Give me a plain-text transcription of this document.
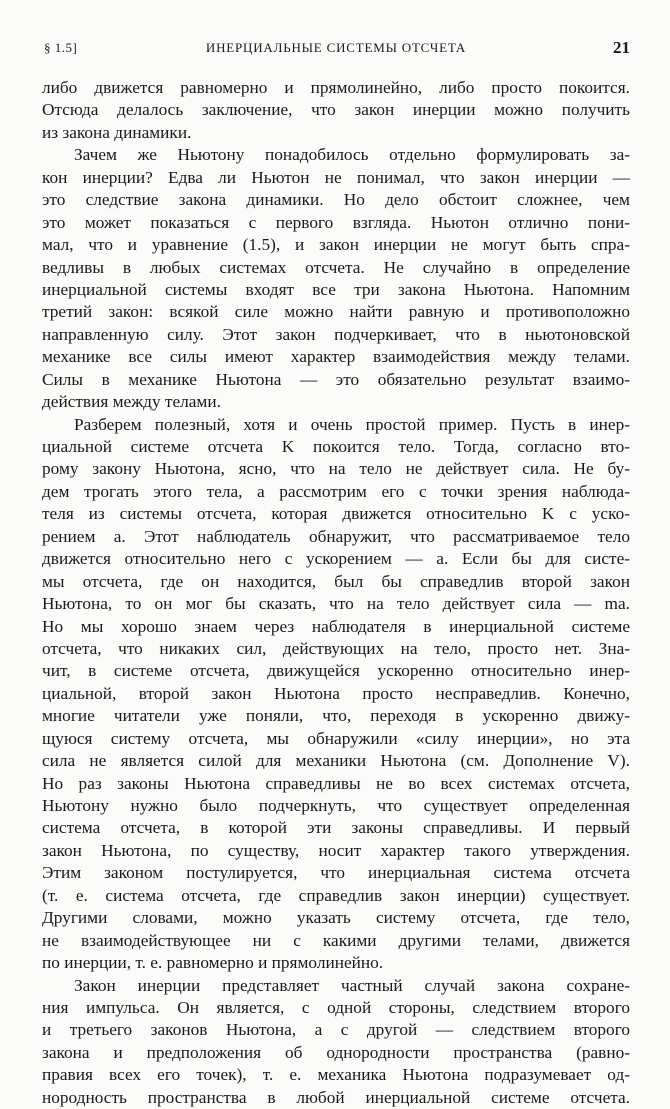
§ 1.5]	ИНЕРЦИАЛЬНЫЕ СИСТЕМЫ ОТСЧЕТА	21
либо движется равномерно и прямолинейно, либо просто покоится.
Отсюда делалось заключение, что закон инерции можно получить
из закона динамики.
Зачем же Ньютону понадобилось отдельно формулировать за-
кон инерции? Едва ли Ньютон не понимал, что закон инерции —
это следствие закона динамики. Но дело обстоит сложнее, чем
это может показаться с первого взгляда. Ньютон отлично пони-
мал, что и уравнение (1.5), и закон инерции не могут быть спра-
ведливы в любых системах отсчета. Не случайно в определение
инерциальной системы входят все три закона Ньютона. Напомним
третий закон: всякой силе можно найти равную и противоположно
направленную силу. Этот закон подчеркивает, что в ньютоновской
механике все силы имеют характер взаимодействия между телами.
Силы в механике Ньютона — это обязательно результат взаимо-
действия между телами.
Разберем полезный, хотя и очень простой пример. Пусть в инер-
циальной системе отсчета K покоится тело. Тогда, согласно вто-
рому закону Ньютона, ясно, что на тело не действует сила. Не бу-
дем трогать этого тела, а рассмотрим его с точки зрения наблюда-
теля из системы отсчета, которая движется относительно K с уско-
рением a. Этот наблюдатель обнаружит, что рассматриваемое тело
движется относительно него с ускорением — a. Если бы для систе-
мы отсчета, где он находится, был бы справедлив второй закон
Ньютона, то он мог бы сказать, что на тело действует сила — ma.
Но мы хорошо знаем через наблюдателя в инерциальной системе
отсчета, что никаких сил, действующих на тело, просто нет. Зна-
чит, в системе отсчета, движущейся ускоренно относительно инер-
циальной, второй закон Ньютона просто несправедлив. Конечно,
многие читатели уже поняли, что, переходя в ускоренно движу-
щуюся систему отсчета, мы обнаружили «силу инерции», но эта
сила не является силой для механики Ньютона (см. Дополнение V).
Но раз законы Ньютона справедливы не во всех системах отсчета,
Ньютону нужно было подчеркнуть, что существует определенная
система отсчета, в которой эти законы справедливы. И первый
закон Ньютона, по существу, носит характер такого утверждения.
Этим законом постулируется, что инерциальная система отсчета
(т. е. система отсчета, где справедлив закон инерции) существует.
Другими словами, можно указать систему отсчета, где тело,
не взаимодействующее ни с какими другими телами, движется
по инерции, т. е. равномерно и прямолинейно.
Закон инерции представляет частный случай закона сохране-
ния импульса. Он является, с одной стороны, следствием второго
и третьего законов Ньютона, а с другой — следствием второго
закона и предположения об однородности пространства (равно-
правия всех его точек), т. е. механика Ньютона подразумевает од-
нородность пространства в любой инерциальной системе отсчета.
